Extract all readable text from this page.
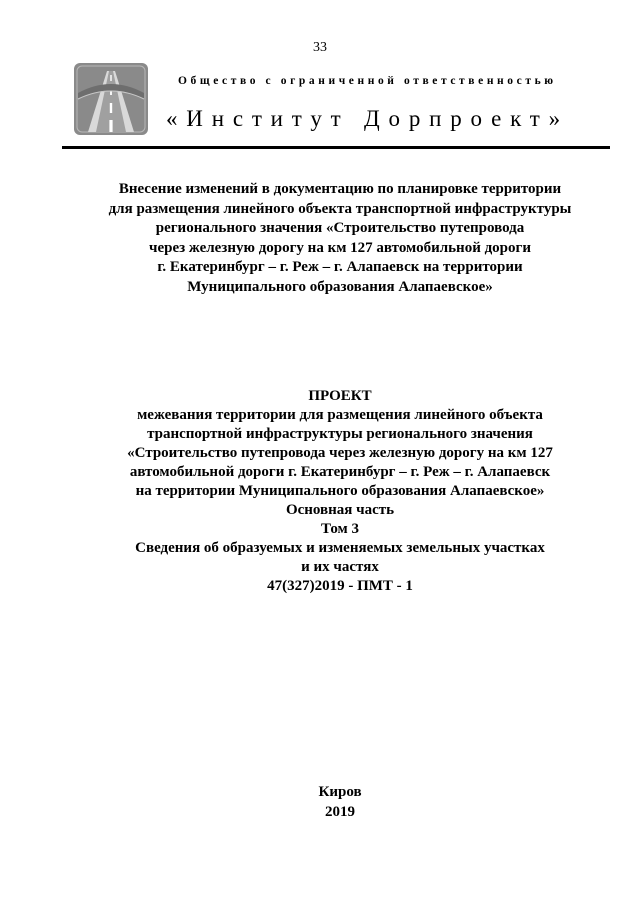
33
Общество с ограниченной ответственностью
«Институт Дорпроект»
Внесение изменений в документацию по планировке территории
для размещения линейного объекта транспортной инфраструктуры
регионального значения «Строительство путепровода
через железную дорогу на км 127 автомобильной дороги
г. Екатеринбург – г. Реж – г. Алапаевск на территории
Муниципального образования Алапаевское»
ПРОЕКТ
межевания территории для размещения линейного объекта
транспортной инфраструктуры регионального значения
«Строительство путепровода через железную дорогу на км 127
автомобильной дороги г. Екатеринбург – г. Реж – г. Алапаевск
на территории Муниципального образования Алапаевское»
Основная часть
Том 3
Сведения об образуемых и изменяемых земельных участках
и их частях
47(327)2019 - ПМТ - 1
Киров
2019
